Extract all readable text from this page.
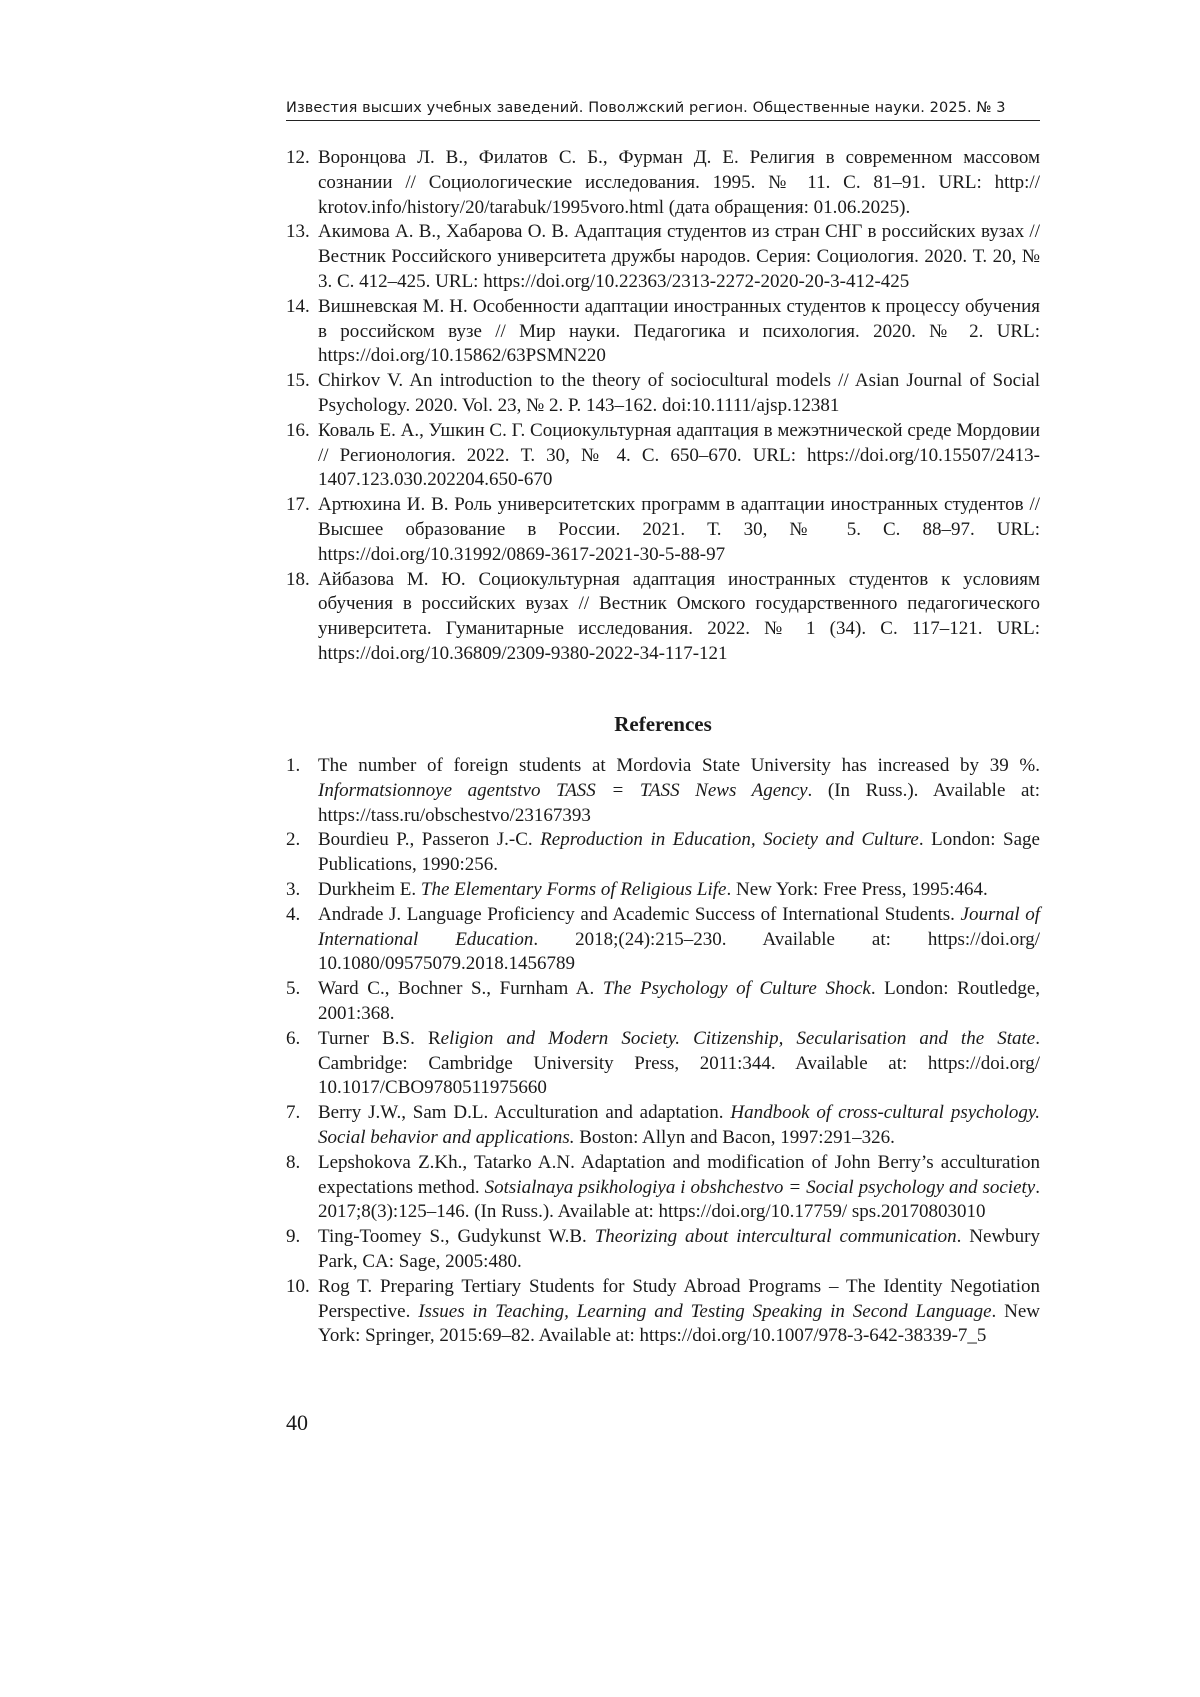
Известия высших учебных заведений. Поволжский регион. Общественные науки. 2025. № 3
12. Воронцова Л. В., Филатов С. Б., Фурман Д. Е. Религия в современном массовом сознании // Социологические исследования. 1995. № 11. С. 81–91. URL: http:// krotov.info/history/20/tarabuk/1995voro.html (дата обращения: 01.06.2025).
13. Акимова А. В., Хабарова О. В. Адаптация студентов из стран СНГ в российских вузах // Вестник Российского университета дружбы народов. Серия: Социология. 2020. Т. 20, № 3. С. 412–425. URL: https://doi.org/10.22363/2313-2272-2020-20-3-412-425
14. Вишневская М. Н. Особенности адаптации иностранных студентов к процессу обучения в российском вузе // Мир науки. Педагогика и психология. 2020. № 2. URL: https://doi.org/10.15862/63PSMN220
15. Chirkov V. An introduction to the theory of sociocultural models // Asian Journal of Social Psychology. 2020. Vol. 23, № 2. P. 143–162. doi:10.1111/ajsp.12381
16. Коваль Е. А., Ушкин С. Г. Социокультурная адаптация в межэтнической среде Мордовии // Регионология. 2022. Т. 30, № 4. С. 650–670. URL: https://doi.org/10.15507/2413-1407.123.030.202204.650-670
17. Артюхина И. В. Роль университетских программ в адаптации иностранных студентов // Высшее образование в России. 2021. Т. 30, № 5. С. 88–97. URL: https://doi.org/10.31992/0869-3617-2021-30-5-88-97
18. Айбазова М. Ю. Социокультурная адаптация иностранных студентов к условиям обучения в российских вузах // Вестник Омского государственного педагогического университета. Гуманитарные исследования. 2022. № 1 (34). С. 117–121. URL: https://doi.org/10.36809/2309-9380-2022-34-117-121
References
1. The number of foreign students at Mordovia State University has increased by 39 %. Informatsionnoye agentstvo TASS = TASS News Agency. (In Russ.). Available at: https://tass.ru/obschestvo/23167393
2. Bourdieu P., Passeron J.-C. Reproduction in Education, Society and Culture. London: Sage Publications, 1990:256.
3. Durkheim E. The Elementary Forms of Religious Life. New York: Free Press, 1995:464.
4. Andrade J. Language Proficiency and Academic Success of International Students. Journal of International Education. 2018;(24):215–230. Available at: https://doi.org/ 10.1080/09575079.2018.1456789
5. Ward C., Bochner S., Furnham A. The Psychology of Culture Shock. London: Routledge, 2001:368.
6. Turner B.S. Religion and Modern Society. Citizenship, Secularisation and the State. Cambridge: Cambridge University Press, 2011:344. Available at: https://doi.org/ 10.1017/CBO9780511975660
7. Berry J.W., Sam D.L. Acculturation and adaptation. Handbook of cross-cultural psychology. Social behavior and applications. Boston: Allyn and Bacon, 1997:291–326.
8. Lepshokova Z.Kh., Tatarko A.N. Adaptation and modification of John Berry’s acculturation expectations method. Sotsialnaya psikhologiya i obshchestvo = Social psychology and society. 2017;8(3):125–146. (In Russ.). Available at: https://doi.org/10.17759/ sps.20170803010
9. Ting-Toomey S., Gudykunst W.B. Theorizing about intercultural communication. Newbury Park, CA: Sage, 2005:480.
10. Rog T. Preparing Tertiary Students for Study Abroad Programs – The Identity Negotiation Perspective. Issues in Teaching, Learning and Testing Speaking in Second Language. New York: Springer, 2015:69–82. Available at: https://doi.org/10.1007/978-3-642-38339-7_5
40
